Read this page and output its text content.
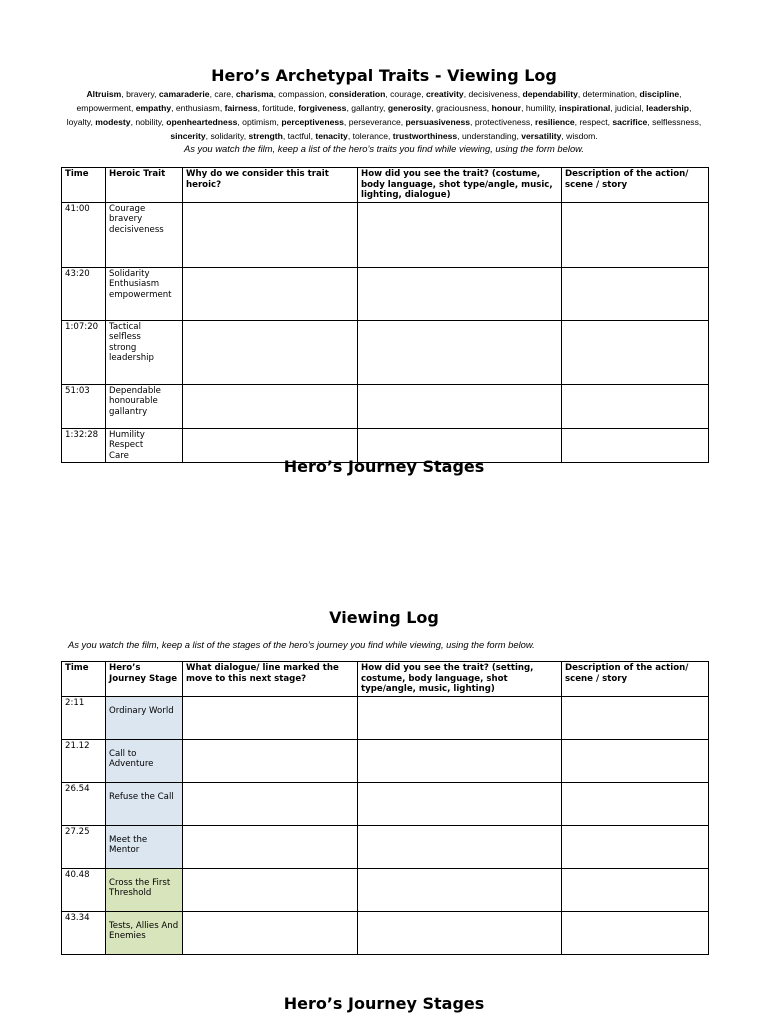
Hero’s Archetypal Traits - Viewing Log
Altruism, bravery, camaraderie, care, charisma, compassion, consideration, courage, creativity, decisiveness, dependability, determination, discipline, empowerment, empathy, enthusiasm, fairness, fortitude, forgiveness, gallantry, generosity, graciousness, honour, humility, inspirational, judicial, leadership, loyalty, modesty, nobility, openheartedness, optimism, perceptiveness, perseverance, persuasiveness, protectiveness, resilience, respect, sacrifice, selflessness, sincerity, solidarity, strength, tactful, tenacity, tolerance, trustworthiness, understanding, versatility, wisdom.
As you watch the film, keep a list of the hero’s traits you find while viewing, using the form below.
Time	Heroic Trait	Why do we consider this trait heroic?	How did you see the trait? (costume, body language, shot type/angle, music, lighting, dialogue)	Description of the action/ scene / story
41:00	Courage
bravery
decisiveness			

43:20	Solidarity
Enthusiasm
empowerment			

1:07:20	Tactical
selfless
strong
leadership			

51:03	Dependable
honourable
gallantry			

1:32:28	Humility
Respect
Care			

Hero’s Journey Stages
Viewing Log
As you watch the film, keep a list of the stages of the hero’s journey you find while viewing, using the form below.
Time	Hero’s Journey Stage	What dialogue/ line marked the move to this next stage?	How did you see the trait? (setting, costume, body language, shot type/angle, music, lighting)	Description of the action/ scene / story
2:11	Ordinary World			

21.12	Call to Adventure			

26.54	Refuse the Call			

27.25	Meet the Mentor			

40.48	Cross the First Threshold			

43.34	Tests, Allies And Enemies			

Hero’s Journey Stages
